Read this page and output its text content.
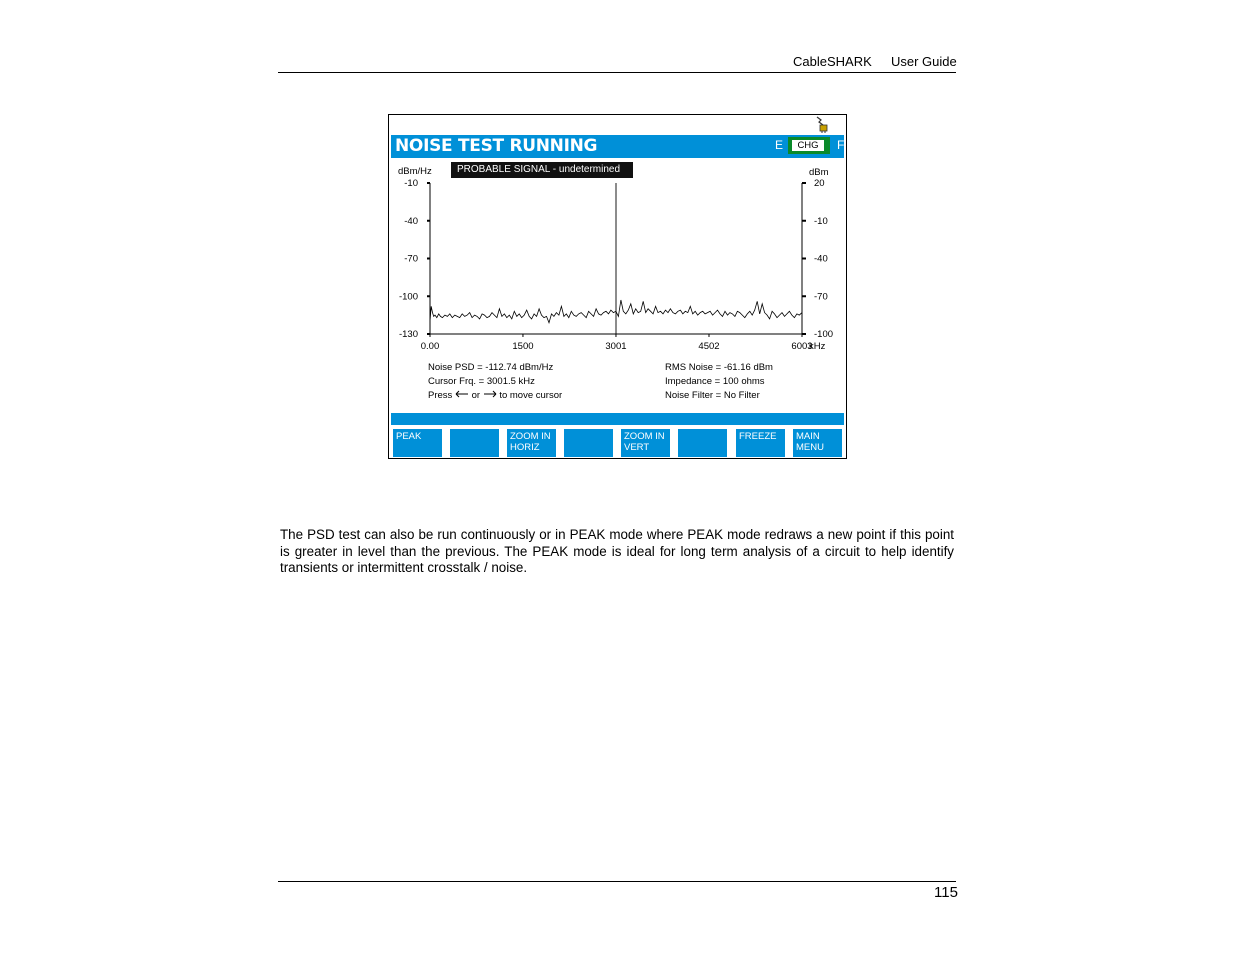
CableSHARK User Guide
NOISE TEST RUNNING	E	CHG	F
PROBABLE SIGNAL - undetermined
dBm/Hz	dBm
-10
-40
-70
-100
-130
20
-10
-40
-70
-100
0.00	1500	3001	4502	6003
kHz
Noise PSD = -112.74 dBm/Hz
Cursor Frq. = 3001.5 kHz
Press or to move cursor
RMS Noise = -61.16 dBm
Impedance = 100 ohms
Noise Filter = No Filter
PEAK	ZOOM IN HORIZ
ZOOM IN VERT
FREEZE	MAIN MENU
The PSD test can also be run continuously or in PEAK mode where PEAK mode redraws a new point if this point is greater in level than the previous. The PEAK mode is ideal for long term analysis of a circuit to help identify transients or intermittent crosstalk / noise.
115
